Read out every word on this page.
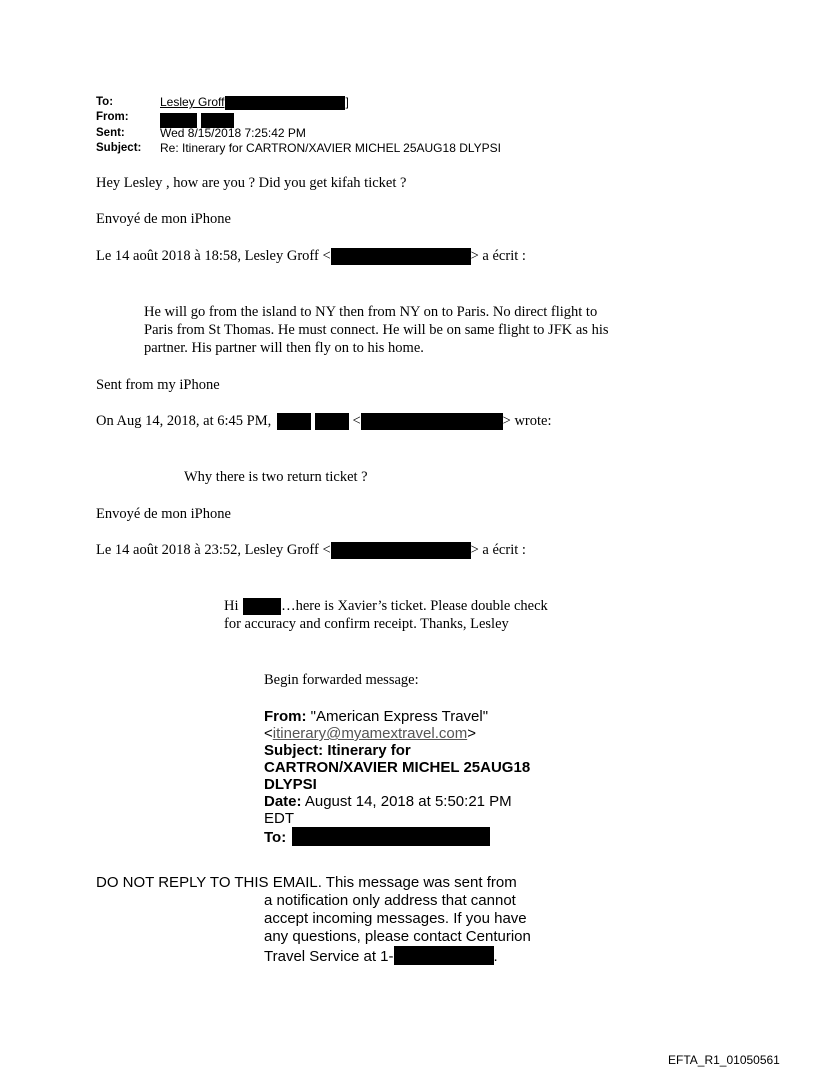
To:	Lesley Groff	]
From:
Sent:	Wed 8/15/2018 7:25:42 PM
Subject: Re: Itinerary for CARTRON/XAVIER MICHEL 25AUG18 DLYPSI
Hey Lesley , how are you ? Did you get kifah ticket ?
Envoyé de mon iPhone
Le 14 août 2018 à 18:58, Lesley Groff <	> a écrit :
He will go from the island to NY then from NY on to Paris. No direct flight to
Paris from St Thomas. He must connect. He will be on same flight to JFK as his
partner. His partner will then fly on to his home.
Sent from my iPhone
On Aug 14, 2018, at 6:45 PM,	<	> wrote:
Why there is two return ticket ?
Envoyé de mon iPhone
Le 14 août 2018 à 23:52, Lesley Groff <	> a écrit :
Hi	…here is Xavier’s ticket. Please double check
for accuracy and confirm receipt. Thanks, Lesley
Begin forwarded message:
From: "American Express Travel"
<itinerary@myamextravel.com>
Subject: Itinerary for
CARTRON/XAVIER MICHEL 25AUG18
DLYPSI
Date: August 14, 2018 at 5:50:21 PM
EDT
To:
DO NOT REPLY TO THIS EMAIL. This message was sent from
a notification only address that cannot
accept incoming messages. If you have
any questions, please contact Centurion
Travel Service at 1-	.
EFTA_R1_01050561
